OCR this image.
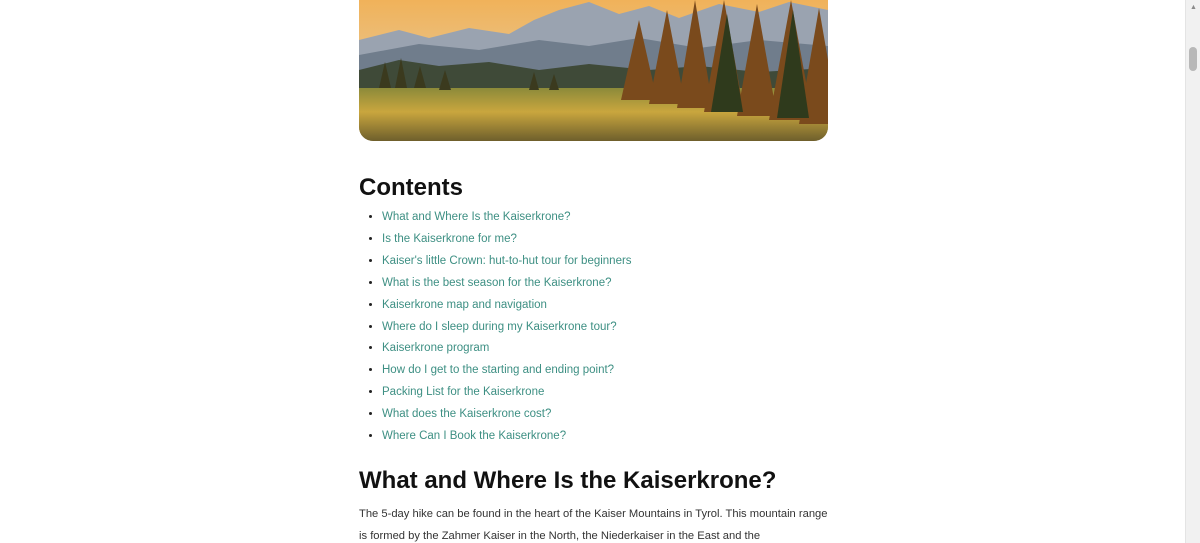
Contents
• What and Where Is the Kaiserkrone?
• Is the Kaiserkrone for me?
• Kaiser's little Crown: hut-to-hut tour for beginners
• What is the best season for the Kaiserkrone?
• Kaiserkrone map and navigation
• Where do I sleep during my Kaiserkrone tour?
• Kaiserkrone program
• How do I get to the starting and ending point?
• Packing List for the Kaiserkrone
• What does the Kaiserkrone cost?
• Where Can I Book the Kaiserkrone?
What and Where Is the Kaiserkrone?

The 5-day hike can be found in the heart of the Kaiser Mountains in Tyrol. This mountain range is formed by the Zahmer Kaiser in the North, the Niederkaiser in the East and the

▲
